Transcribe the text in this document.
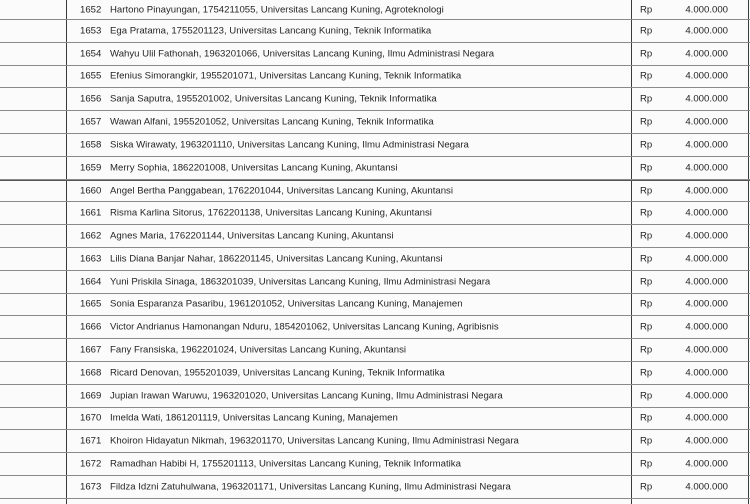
1652 Hartono Pinayungan, 1754211055, Universitas Lancang Kuning, Agroteknologi	Rp	4.000.000
1653 Ega Pratama, 1755201123, Universitas Lancang Kuning, Teknik Informatika	Rp	4.000.000
1654 Wahyu Ulil Fathonah, 1963201066, Universitas Lancang Kuning, Ilmu Administrasi Negara	Rp	4.000.000
1655 Efenius Simorangkir, 1955201071, Universitas Lancang Kuning, Teknik Informatika	Rp	4.000.000
1656 Sanja Saputra, 1955201002, Universitas Lancang Kuning, Teknik Informatika	Rp	4.000.000
1657 Wawan Alfani, 1955201052, Universitas Lancang Kuning, Teknik Informatika	Rp	4.000.000
1658 Siska Wirawaty, 1963201110, Universitas Lancang Kuning, Ilmu Administrasi Negara	Rp	4.000.000
1659 Merry Sophia, 1862201008, Universitas Lancang Kuning, Akuntansi	Rp	4.000.000
1660 Angel Bertha Panggabean, 1762201044, Universitas Lancang Kuning, Akuntansi	Rp	4.000.000
1661 Risma Karlina Sitorus, 1762201138, Universitas Lancang Kuning, Akuntansi	Rp	4.000.000
1662 Agnes Maria, 1762201144, Universitas Lancang Kuning, Akuntansi	Rp	4.000.000
1663 Lilis Diana Banjar Nahar, 1862201145, Universitas Lancang Kuning, Akuntansi	Rp	4.000.000
1664 Yuni Priskila Sinaga, 1863201039, Universitas Lancang Kuning, Ilmu Administrasi Negara	Rp	4.000.000
1665 Sonia Esparanza Pasaribu, 1961201052, Universitas Lancang Kuning, Manajemen	Rp	4.000.000
1666 Victor Andrianus Hamonangan Nduru, 1854201062, Universitas Lancang Kuning, Agribisnis	Rp	4.000.000
1667 Fany Fransiska, 1962201024, Universitas Lancang Kuning, Akuntansi	Rp	4.000.000
1668 Ricard Denovan, 1955201039, Universitas Lancang Kuning, Teknik Informatika	Rp	4.000.000
1669 Jupian Irawan Waruwu, 1963201020, Universitas Lancang Kuning, Ilmu Administrasi Negara	Rp	4.000.000
1670 Imelda Wati, 1861201119, Universitas Lancang Kuning, Manajemen	Rp	4.000.000
1671 Khoiron Hidayatun Nikmah, 1963201170, Universitas Lancang Kuning, Ilmu Administrasi Negara	Rp	4.000.000
1672 Ramadhan Habibi H, 1755201113, Universitas Lancang Kuning, Teknik Informatika	Rp	4.000.000
1673 Fildza Idzni Zatuhulwana, 1963201171, Universitas Lancang Kuning, Ilmu Administrasi Negara	Rp	4.000.000
